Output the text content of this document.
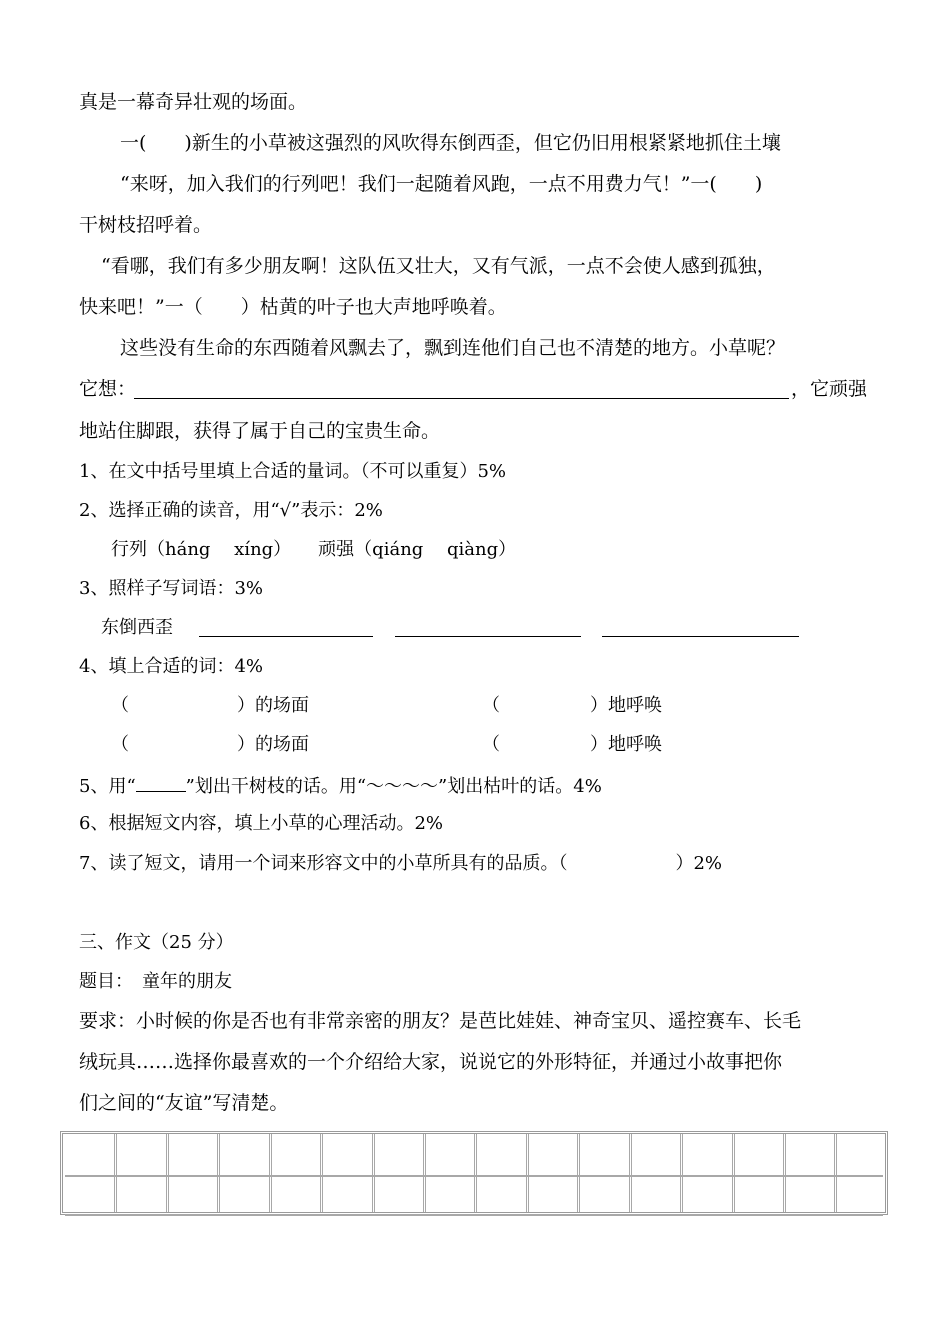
真是一幕奇异壮观的场面。
　一(　　)新生的小草被这强烈的风吹得东倒西歪，但它仍旧用根紧紧地抓住土壤
　“来呀，加入我们的行列吧！我们一起随着风跑，一点不用费力气！”一(　　)
干树枝招呼着。
“看哪，我们有多少朋友啊！这队伍又壮大，又有气派，一点不会使人感到孤独，
快来吧！”一（　　）枯黄的叶子也大声地呼唤着。
　这些没有生命的东西随着风飘去了，飘到连他们自己也不清楚的地方。小草呢？
它想：	，它顽强
地站住脚跟，获得了属于自己的宝贵生命。
1、在文中括号里填上合适的量词。（不可以重复）5%
2、选择正确的读音，用“√”表示：2%
行列（háng　 xíng）　　顽强（qiáng　 qiàng）
3、照样子写词语：3%
东倒西歪
4、填上合适的词：4%
（　　　　　　）的场面	（　　　　　）地呼唤
（　　　　　　）的场面	（　　　　　）地呼唤
5、用“	”划出干树枝的话。用“～～～～”划出枯叶的话。4%
6、根据短文内容，填上小草的心理活动。2%
7、读了短文，请用一个词来形容文中的小草所具有的品质。（　　　　　　）2%
三、作文（25 分）
题目：　童年的朋友
要求：小时候的你是否也有非常亲密的朋友？是芭比娃娃、神奇宝贝、遥控赛车、长毛
绒玩具……选择你最喜欢的一个介绍给大家，说说它的外形特征，并通过小故事把你
们之间的“友谊”写清楚。
